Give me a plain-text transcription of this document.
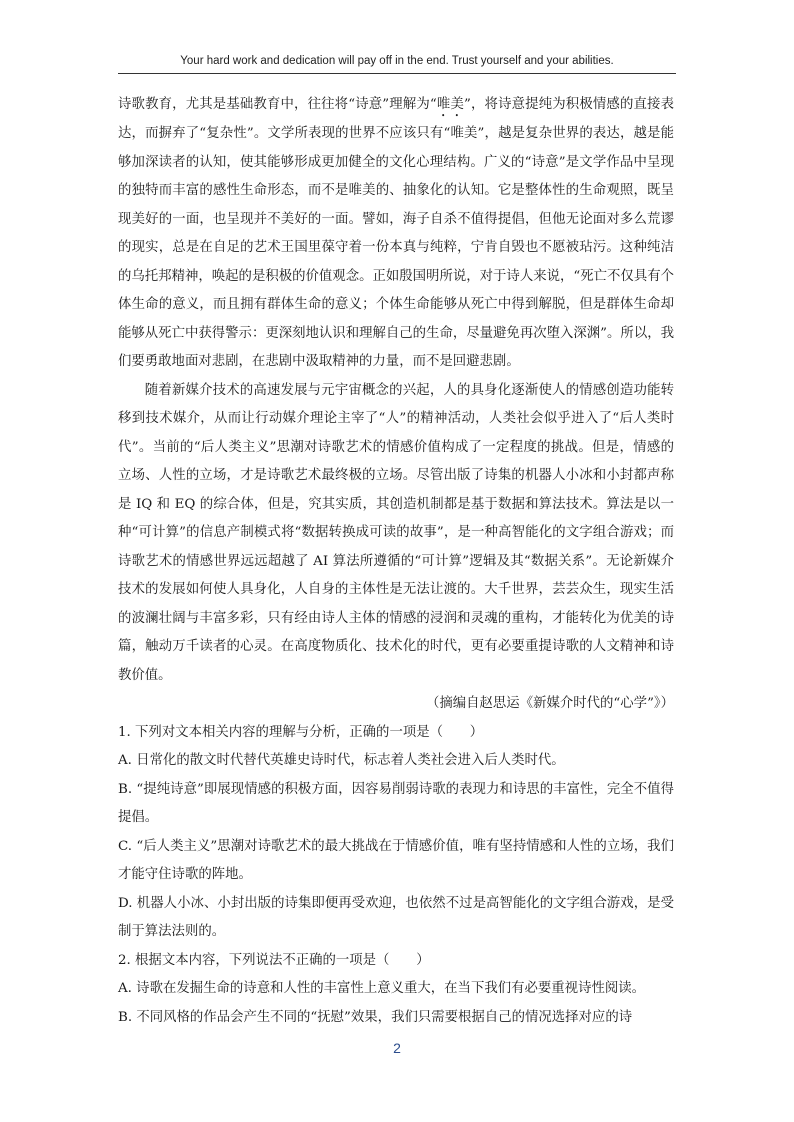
Your hard work and dedication will pay off in the end. Trust yourself and your abilities.

诗歌教育，尤其是基础教育中，往往将“诗意”理解为“唯美”，将诗意提纯为积极情感的直接表达，而摒弃了“复杂性”。文学所表现的世界不应该只有“唯美”，越是复杂世界的表达，越是能够加深读者的认知，使其能够形成更加健全的文化心理结构。广义的“诗意”是文学作品中呈现的独特而丰富的感性生命形态，而不是唯美的、抽象化的认知。它是整体性的生命观照，既呈现美好的一面，也呈现并不美好的一面。譬如，海子自杀不值得提倡，但他无论面对多么荒谬的现实，总是在自足的艺术王国里葆守着一份本真与纯粹，宁肯自毁也不愿被玷污。这种纯洁的乌托邦精神，唤起的是积极的价值观念。正如殷国明所说，对于诗人来说，“死亡不仅具有个体生命的意义，而且拥有群体生命的意义；个体生命能够从死亡中得到解脱，但是群体生命却能够从死亡中获得警示：更深刻地认识和理解自己的生命，尽量避免再次堕入深渊”。所以，我们要勇敢地面对悲剧，在悲剧中汲取精神的力量，而不是回避悲剧。

随着新媒介技术的高速发展与元宇宙概念的兴起，人的具身化逐渐使人的情感创造功能转移到技术媒介，从而让行动媒介理论主宰了“人”的精神活动，人类社会似乎进入了“后人类时代”。当前的“后人类主义”思潮对诗歌艺术的情感价值构成了一定程度的挑战。但是，情感的立场、人性的立场，才是诗歌艺术最终极的立场。尽管出版了诗集的机器人小冰和小封都声称是 IQ 和 EQ 的综合体，但是，究其实质，其创造机制都是基于数据和算法技术。算法是以一种“可计算”的信息产制模式将“数据转换成可读的故事”，是一种高智能化的文字组合游戏；而诗歌艺术的情感世界远远超越了 AI 算法所遵循的“可计算”逻辑及其“数据关系”。无论新媒介技术的发展如何使人具身化，人自身的主体性是无法让渡的。大千世界，芸芸众生，现实生活的波澜壮阔与丰富多彩，只有经由诗人主体的情感的浸润和灵魂的重构，才能转化为优美的诗篇，触动万千读者的心灵。在高度物质化、技术化的时代，更有必要重提诗歌的人文精神和诗教价值。

（摘编自赵思运《新媒介时代的“心学”》）

1. 下列对文本相关内容的理解与分析，正确的一项是（　　）

A. 日常化的散文时代替代英雄史诗时代，标志着人类社会进入后人类时代。

B. “提纯诗意”即展现情感的积极方面，因容易削弱诗歌的表现力和诗思的丰富性，完全不值得提倡。

C. “后人类主义”思潮对诗歌艺术的最大挑战在于情感价值，唯有坚持情感和人性的立场，我们才能守住诗歌的阵地。

D. 机器人小冰、小封出版的诗集即便再受欢迎，也依然不过是高智能化的文字组合游戏，是受制于算法法则的。

2. 根据文本内容，下列说法不正确的一项是（　　）

A. 诗歌在发掘生命的诗意和人性的丰富性上意义重大，在当下我们有必要重视诗性阅读。

B. 不同风格的作品会产生不同的“抚慰”效果，我们只需要根据自己的情况选择对应的诗

2
